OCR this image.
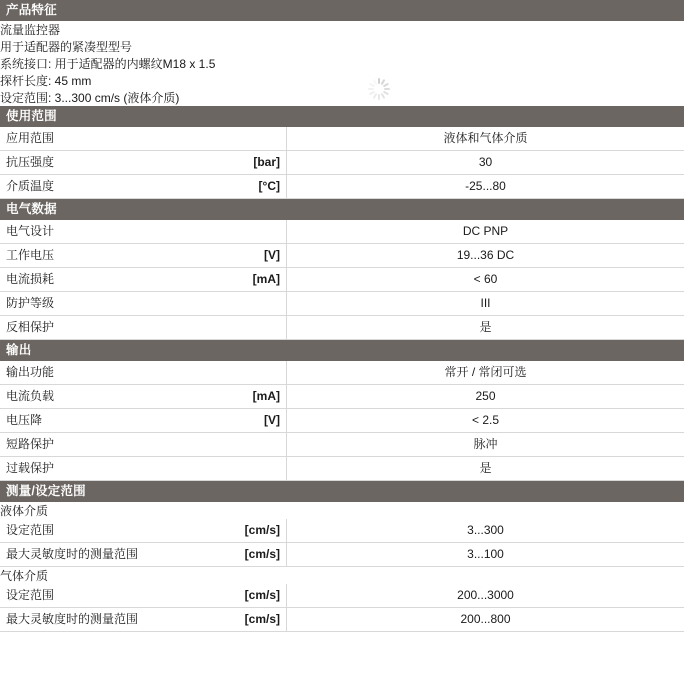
产品特征
流量监控器
用于适配器的紧凑型型号
系统接口: 用于适配器的内螺纹M18 x 1.5
探杆长度: 45 mm
设定范围: 3...300 cm/s (液体介质)
使用范围
应用范围	液体和气体介质
抗压强度	[bar]	30
介质温度	[°C]	-25...80
电气数据
电气设计	DC PNP
工作电压	[V]	19...36 DC
电流损耗	[mA]	< 60
防护等级	III
反相保护	是
输出
输出功能	常开 / 常闭可选
电流负载	[mA]	250
电压降	[V]	< 2.5
短路保护	脉冲
过载保护	是
测量/设定范围
液体介质
设定范围	[cm/s]	3...300
最大灵敏度时的测量范围	[cm/s]	3...100
气体介质
设定范围	[cm/s]	200...3000
最大灵敏度时的测量范围	[cm/s]	200...800
